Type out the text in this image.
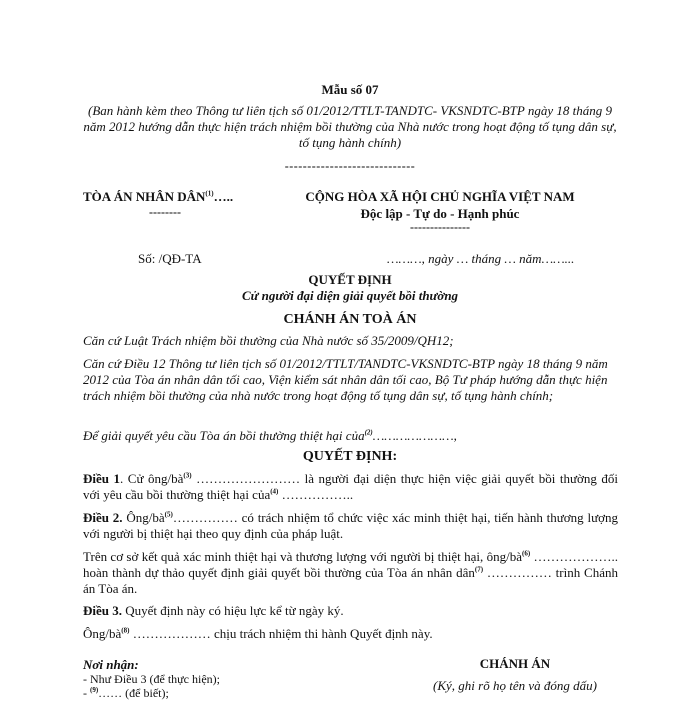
Mẫu số 07
(Ban hành kèm theo Thông tư liên tịch số 01/2012/TTLT-TANDTC- VKSNDTC-BTP ngày 18 tháng 9 năm 2012 hướng dẫn thực hiện trách nhiệm bồi thường của Nhà nước trong hoạt động tố tụng dân sự, tố tụng hành chính)
-----------------------------
TÒA ÁN NHÂN DÂN$^{(1)}$…..
--------
Số: /QĐ-TA
CỘNG HÒA XÃ HỘI CHỦ NGHĨA VIỆT NAM
Độc lập - Tự do - Hạnh phúc
---------------
………, ngày … tháng … năm……...
QUYẾT ĐỊNH
Cử người đại diện giải quyết bồi thường
CHÁNH ÁN TOÀ ÁN
Căn cứ Luật Trách nhiệm bồi thường của Nhà nước số 35/2009/QH12;
Căn cứ Điều 12 Thông tư liên tịch số 01/2012/TTLT/TANDTC-VKSNDTC-BTP ngày 18 tháng 9 năm 2012 của Tòa án nhân dân tối cao, Viện kiểm sát nhân dân tối cao, Bộ Tư pháp hướng dẫn thực hiện trách nhiệm bồi thường của nhà nước trong hoạt động tố tụng dân sự, tố tụng hành chính;
Để giải quyết yêu cầu Tòa án bồi thường thiệt hại của$^{(2)}$…………………,
QUYẾT ĐỊNH:
Điều 1. Cử ông/$bà^{(3)}$ …………………… là người đại diện thực hiện việc giải quyết bồi thường đối với yêu cầu bồi thường thiệt hại của$^{(4)}$ ……………..
Điều 2. Ông/$bà^{(5)}\dots\dots\dots\dots\dots$ có trách nhiệm tổ chức việc xác minh thiệt hại, tiến hành thương lượng với người bị thiệt hại theo quy định của pháp luật.
Trên cơ sở kết quả xác minh thiệt hại và thương lượng với người bị thiệt hại, ông/$bà^{(6)}$ ……………….. hoàn thành dự thảo quyết định giải quyết bồi thường của Tòa án nhân dân$^{(7)}$ …………… trình Chánh án Tòa án.
Điều 3. Quyết định này có hiệu lực kể từ ngày ký.
Ông/$bà^{(8)}$ ……………… chịu trách nhiệm thi hành Quyết định này.
Nơi nhận:
- Như Điều 3 (để thực hiện);
- $^{(9)}$…… (để biết);
CHÁNH ÁN
(Ký, ghi rõ họ tên và đóng dấu)
